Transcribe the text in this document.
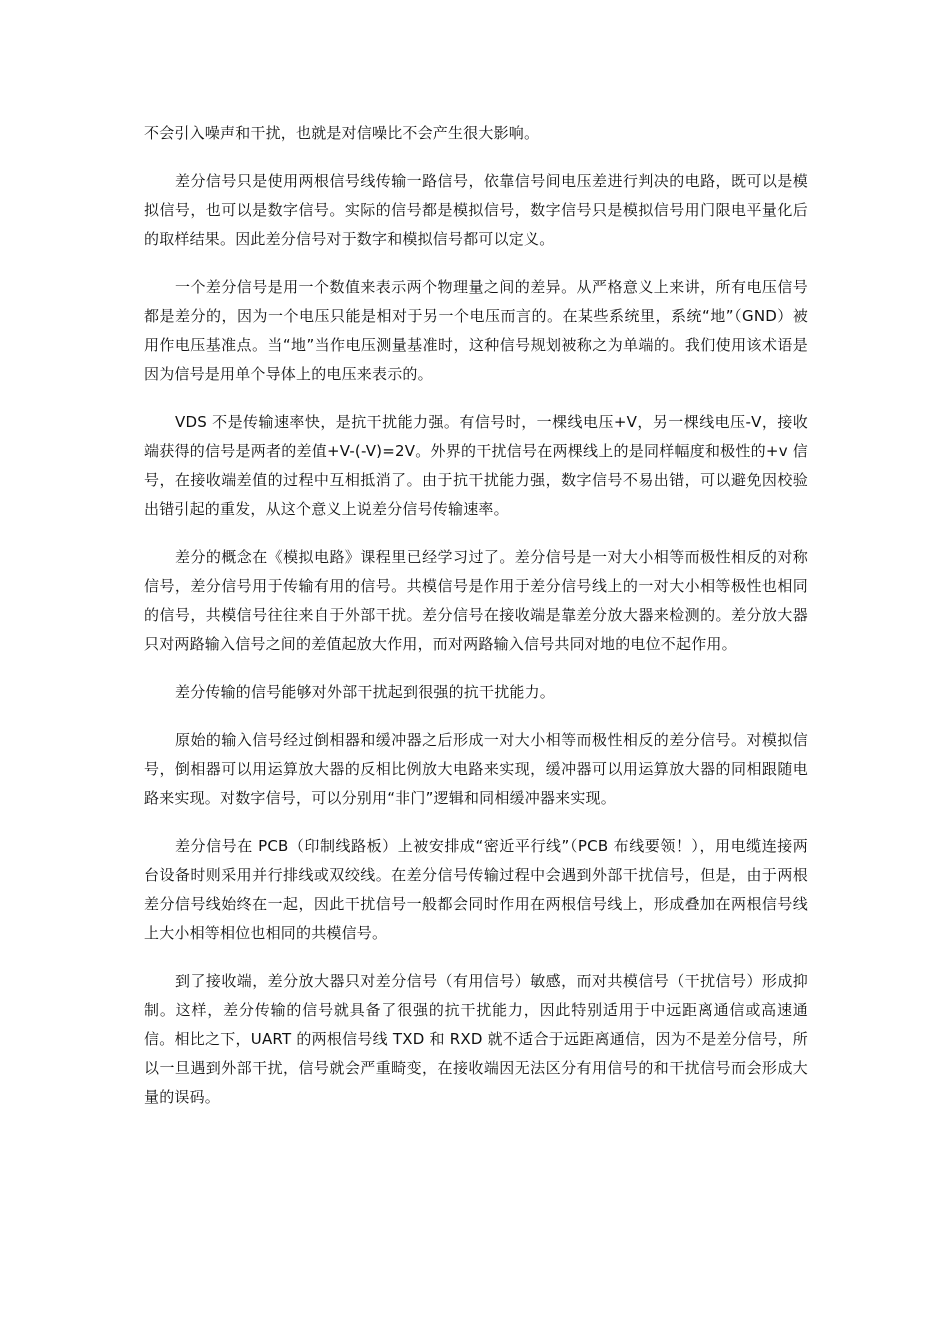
不会引入噪声和干扰，也就是对信噪比不会产生很大影响。

差分信号只是使用两根信号线传输一路信号，依靠信号间电压差进行判决的电路，既可以是模拟信号，也可以是数字信号。实际的信号都是模拟信号，数字信号只是模拟信号用门限电平量化后的取样结果。因此差分信号对于数字和模拟信号都可以定义。

一个差分信号是用一个数值来表示两个物理量之间的差异。从严格意义上来讲，所有电压信号都是差分的，因为一个电压只能是相对于另一个电压而言的。在某些系统里，系统“地”（GND）被用作电压基准点。当“地”当作电压测量基准时，这种信号规划被称之为单端的。我们使用该术语是因为信号是用单个导体上的电压来表示的。

VDS 不是传输速率快，是抗干扰能力强。有信号时，一棵线电压+V，另一棵线电压-V，接收端获得的信号是两者的差值+V-(-V)=2V。外界的干扰信号在两棵线上的是同样幅度和极性的+v 信号，在接收端差值的过程中互相抵消了。由于抗干扰能力强，数字信号不易出错，可以避免因校验出错引起的重发，从这个意义上说差分信号传输速率。

差分的概念在《模拟电路》课程里已经学习过了。差分信号是一对大小相等而极性相反的对称信号，差分信号用于传输有用的信号。共模信号是作用于差分信号线上的一对大小相等极性也相同的信号，共模信号往往来自于外部干扰。差分信号在接收端是靠差分放大器来检测的。差分放大器只对两路输入信号之间的差值起放大作用，而对两路输入信号共同对地的电位不起作用。

差分传输的信号能够对外部干扰起到很强的抗干扰能力。

原始的输入信号经过倒相器和缓冲器之后形成一对大小相等而极性相反的差分信号。对模拟信号，倒相器可以用运算放大器的反相比例放大电路来实现，缓冲器可以用运算放大器的同相跟随电路来实现。对数字信号，可以分别用“非门”逻辑和同相缓冲器来实现。

差分信号在 PCB（印制线路板）上被安排成“密近平行线”（PCB 布线要领！），用电缆连接两台设备时则采用并行排线或双绞线。在差分信号传输过程中会遇到外部干扰信号，但是，由于两根差分信号线始终在一起，因此干扰信号一般都会同时作用在两根信号线上，形成叠加在两根信号线上大小相等相位也相同的共模信号。

到了接收端，差分放大器只对差分信号（有用信号）敏感，而对共模信号（干扰信号）形成抑制。这样，差分传输的信号就具备了很强的抗干扰能力，因此特别适用于中远距离通信或高速通信。相比之下，UART 的两根信号线 TXD 和 RXD 就不适合于远距离通信，因为不是差分信号，所以一旦遇到外部干扰，信号就会严重畸变，在接收端因无法区分有用信号的和干扰信号而会形成大量的误码。
